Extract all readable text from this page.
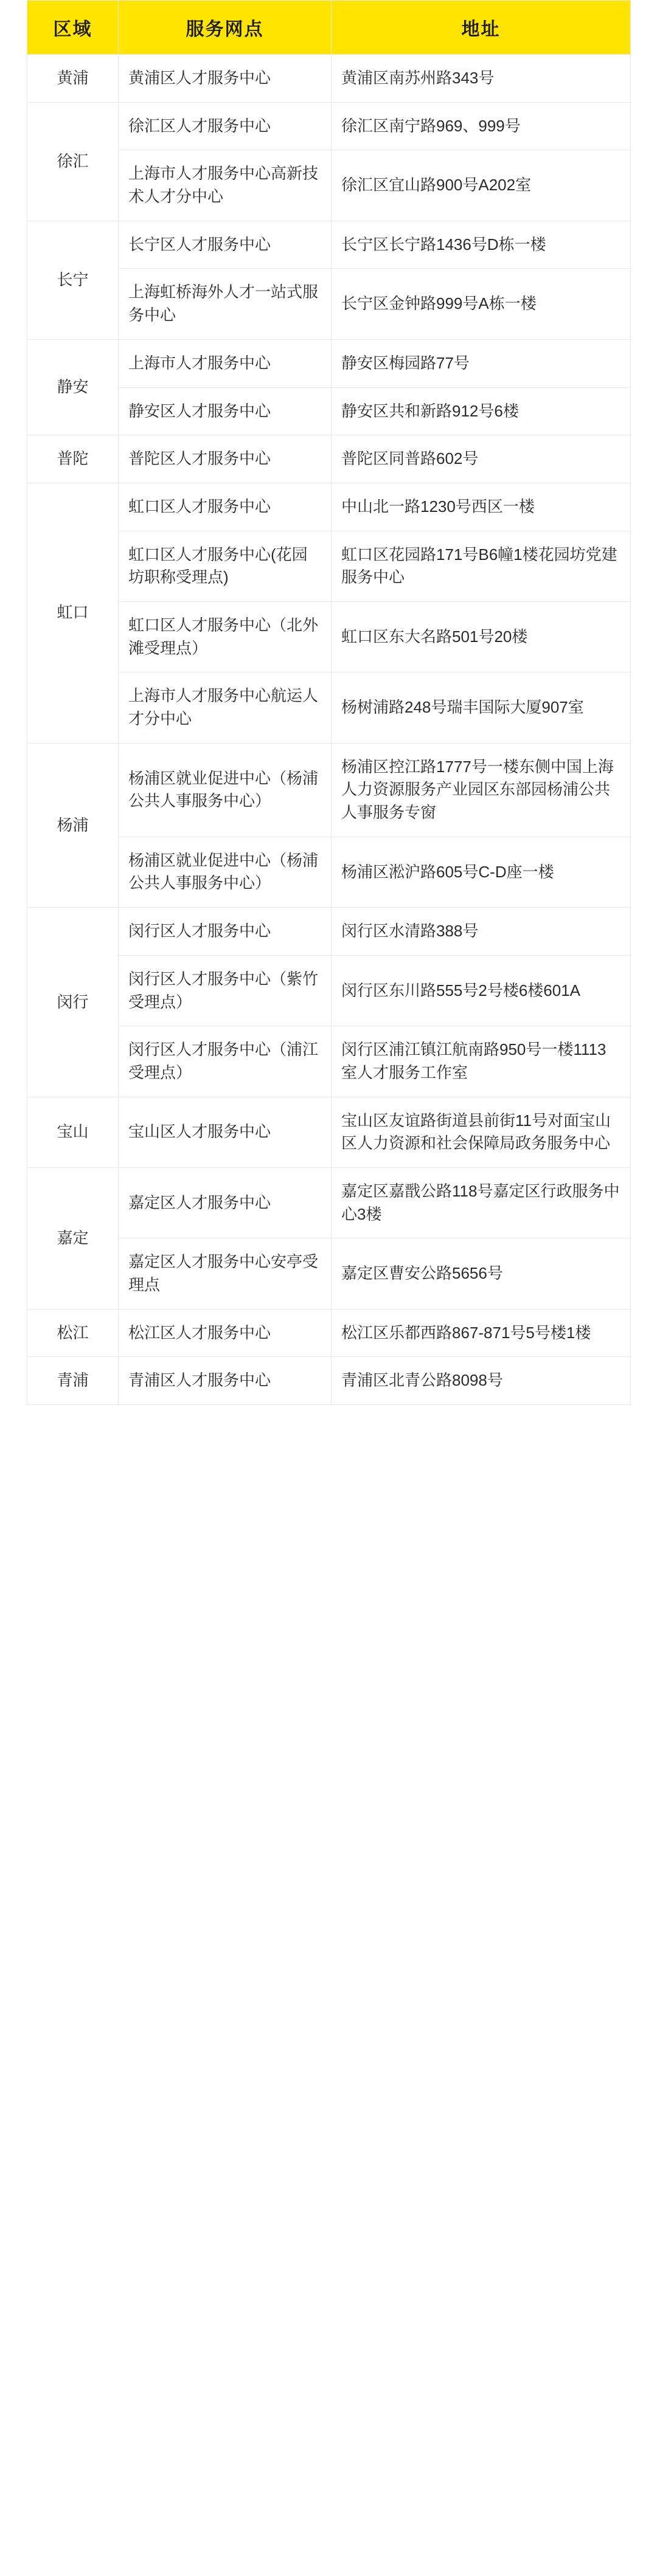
区域	服务网点	地址
黄浦	黄浦区人才服务中心	黄浦区南苏州路343号
徐汇	徐汇区人才服务中心	徐汇区南宁路969、999号
	上海市人才服务中心高新技术人才分中心	徐汇区宜山路900号A202室
长宁	长宁区人才服务中心	长宁区长宁路1436号D栋一楼
	上海虹桥海外人才一站式服务中心	长宁区金钟路999号A栋一楼
静安	上海市人才服务中心	静安区梅园路77号
	静安区人才服务中心	静安区共和新路912号6楼
普陀	普陀区人才服务中心	普陀区同普路602号
虹口	虹口区人才服务中心	中山北一路1230号西区一楼
	虹口区人才服务中心(花园坊职称受理点)	虹口区花园路171号B6幢1楼花园坊党建服务中心
	虹口区人才服务中心（北外滩受理点）	虹口区东大名路501号20楼
	上海市人才服务中心航运人才分中心	杨树浦路248号瑞丰国际大厦907室
杨浦	杨浦区就业促进中心（杨浦公共人事服务中心）	杨浦区控江路1777号一楼东侧中国上海人力资源服务产业园区东部园杨浦公共人事服务专窗
	杨浦区就业促进中心（杨浦公共人事服务中心）	杨浦区淞沪路605号C-D座一楼
闵行	闵行区人才服务中心	闵行区水清路388号
	闵行区人才服务中心（紫竹受理点）	闵行区东川路555号2号楼6楼601A
	闵行区人才服务中心（浦江受理点）	闵行区浦江镇江航南路950号一楼1113室人才服务工作室
宝山	宝山区人才服务中心	宝山区友谊路街道县前街11号对面宝山区人力资源和社会保障局政务服务中心
嘉定	嘉定区人才服务中心	嘉定区嘉戬公路118号嘉定区行政服务中心3楼
	嘉定区人才服务中心安亭受理点	嘉定区曹安公路5656号
松江	松江区人才服务中心	松江区乐都西路867-871号5号楼1楼
青浦	青浦区人才服务中心	青浦区北青公路8098号
